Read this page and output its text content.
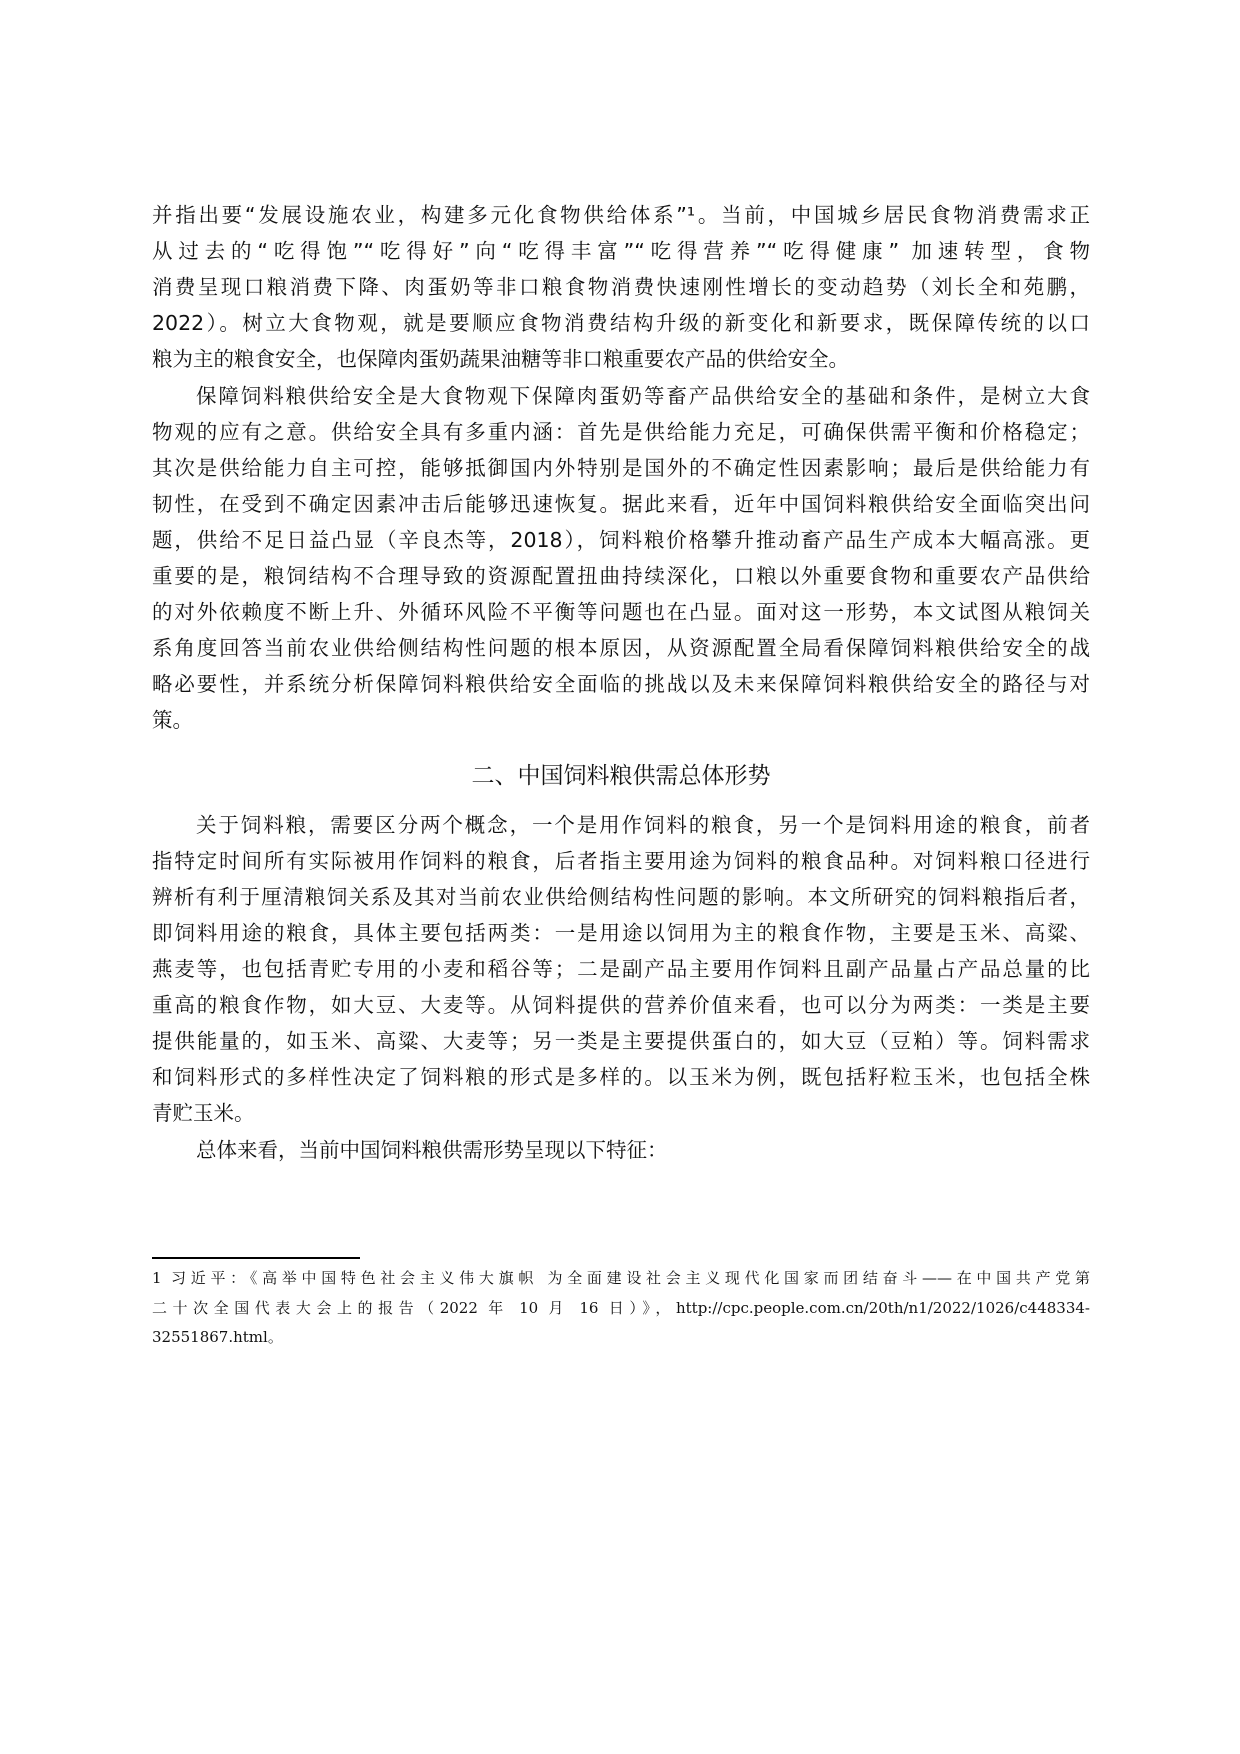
并指出要“发展设施农业，构建多元化食物供给体系”¹。当前，中国城乡居民食物消费需求正
从过去的“吃得饱”“吃得好”向“吃得丰富”“吃得营养”“吃得健康” 加速转型，食物
消费呈现口粮消费下降、肉蛋奶等非口粮食物消费快速刚性增长的变动趋势（刘长全和苑鹏，
2022）。树立大食物观，就是要顺应食物消费结构升级的新变化和新要求，既保障传统的以口
粮为主的粮食安全，也保障肉蛋奶蔬果油糖等非口粮重要农产品的供给安全。
保障饲料粮供给安全是大食物观下保障肉蛋奶等畜产品供给安全的基础和条件，是树立大食
物观的应有之意。供给安全具有多重内涵：首先是供给能力充足，可确保供需平衡和价格稳定；
其次是供给能力自主可控，能够抵御国内外特别是国外的不确定性因素影响；最后是供给能力有
韧性，在受到不确定因素冲击后能够迅速恢复。据此来看，近年中国饲料粮供给安全面临突出问
题，供给不足日益凸显（辛良杰等，2018），饲料粮价格攀升推动畜产品生产成本大幅高涨。更
重要的是，粮饲结构不合理导致的资源配置扭曲持续深化，口粮以外重要食物和重要农产品供给
的对外依赖度不断上升、外循环风险不平衡等问题也在凸显。面对这一形势，本文试图从粮饲关
系角度回答当前农业供给侧结构性问题的根本原因，从资源配置全局看保障饲料粮供给安全的战
略必要性，并系统分析保障饲料粮供给安全面临的挑战以及未来保障饲料粮供给安全的路径与对
策。
二、中国饲料粮供需总体形势
关于饲料粮，需要区分两个概念，一个是用作饲料的粮食，另一个是饲料用途的粮食，前者
指特定时间所有实际被用作饲料的粮食，后者指主要用途为饲料的粮食品种。对饲料粮口径进行
辨析有利于厘清粮饲关系及其对当前农业供给侧结构性问题的影响。本文所研究的饲料粮指后者，
即饲料用途的粮食，具体主要包括两类：一是用途以饲用为主的粮食作物，主要是玉米、高粱、
燕麦等，也包括青贮专用的小麦和稻谷等；二是副产品主要用作饲料且副产品量占产品总量的比
重高的粮食作物，如大豆、大麦等。从饲料提供的营养价值来看，也可以分为两类：一类是主要
提供能量的，如玉米、高粱、大麦等；另一类是主要提供蛋白的，如大豆（豆粕）等。饲料需求
和饲料形式的多样性决定了饲料粮的形式是多样的。以玉米为例，既包括籽粒玉米，也包括全株
青贮玉米。
总体来看，当前中国饲料粮供需形势呈现以下特征：
1 习近平：《高举中国特色社会主义伟大旗帜 为全面建设社会主义现代化国家而团结奋斗——在中国共产党第
二十次全国代表大会上的报告（2022 年 10 月 16 日）》，http://cpc.people.com.cn/20th/n1/2022/1026/c448334-
32551867.html。
